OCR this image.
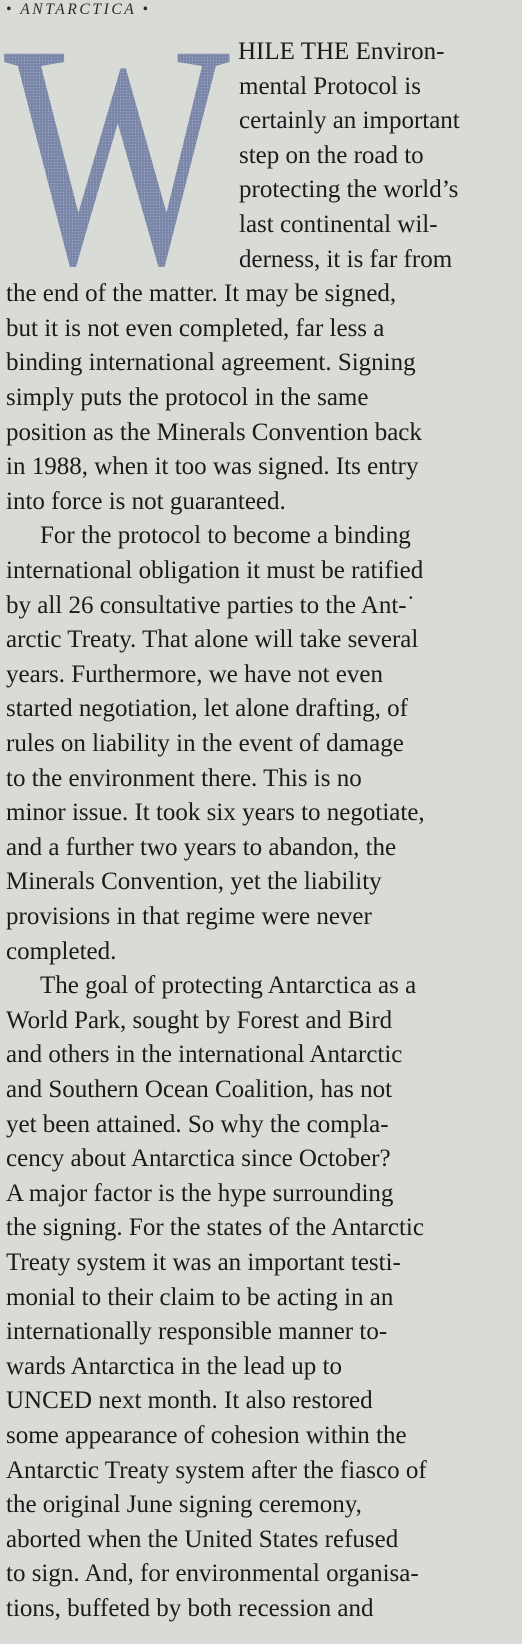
• ANTARCTICA •
W HILE THE Environ-
mental Protocol is
certainly an important
step on the road to
protecting the world’s
last continental wil-
derness, it is far from
the end of the matter. It may be signed,
but it is not even completed, far less a
binding international agreement. Signing
simply puts the protocol in the same
position as the Minerals Convention back
in 1988, when it too was signed. Its entry
into force is not guaranteed.
For the protocol to become a binding
international obligation it must be ratified
by all 26 consultative parties to the Ant-˙
arctic Treaty. That alone will take several
years. Furthermore, we have not even
started negotiation, let alone drafting, of
rules on liability in the event of damage
to the environment there. This is no
minor issue. It took six years to negotiate,
and a further two years to abandon, the
Minerals Convention, yet the liability
provisions in that regime were never
completed.
The goal of protecting Antarctica as a
World Park, sought by Forest and Bird
and others in the international Antarctic
and Southern Ocean Coalition, has not
yet been attained. So why the compla-
cency about Antarctica since October?
A major factor is the hype surrounding
the signing. For the states of the Antarctic
Treaty system it was an important testi-
monial to their claim to be acting in an
internationally responsible manner to-
wards Antarctica in the lead up to
UNCED next month. It also restored
some appearance of cohesion within the
Antarctic Treaty system after the fiasco of
the original June signing ceremony,
aborted when the United States refused
to sign. And, for environmental organisa-
tions, buffeted by both recession and
